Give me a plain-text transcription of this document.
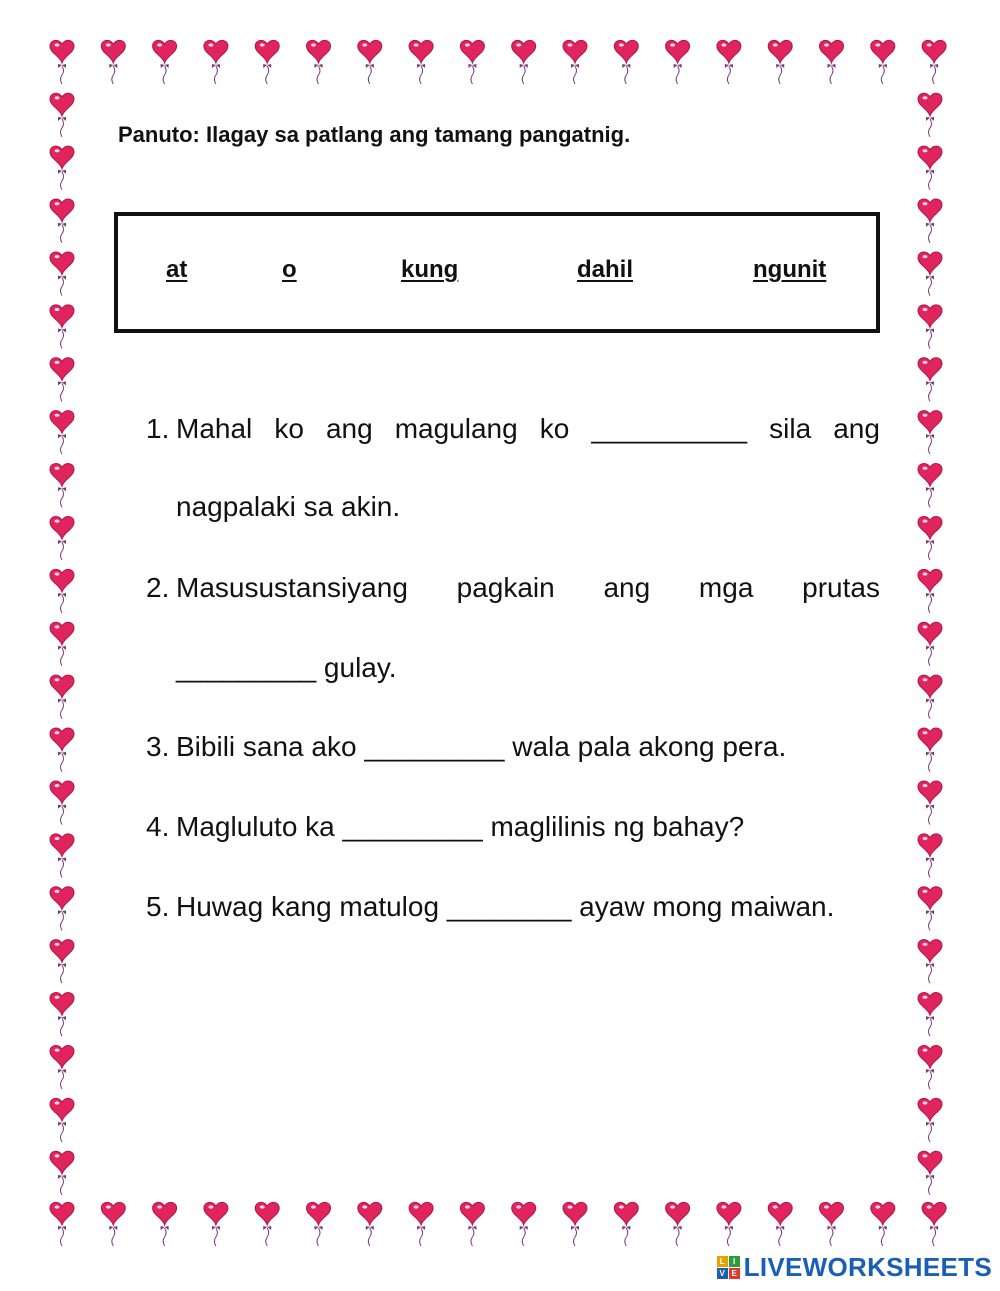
Panuto: Ilagay sa patlang ang tamang pangatnig.
at	o	kung	dahil	ngunit
1. Mahal ko ang magulang ko __________ sila ang
nagpalaki sa akin.
2. Masusustansiyang pagkain ang mga prutas
_________ gulay.
3. Bibili sana ako _________ wala pala akong pera.
4. Magluluto ka _________ maglilinis ng bahay?
5. Huwag kang matulog ________ ayaw mong maiwan.
L	I
V E LIVEWORKSHEETS
